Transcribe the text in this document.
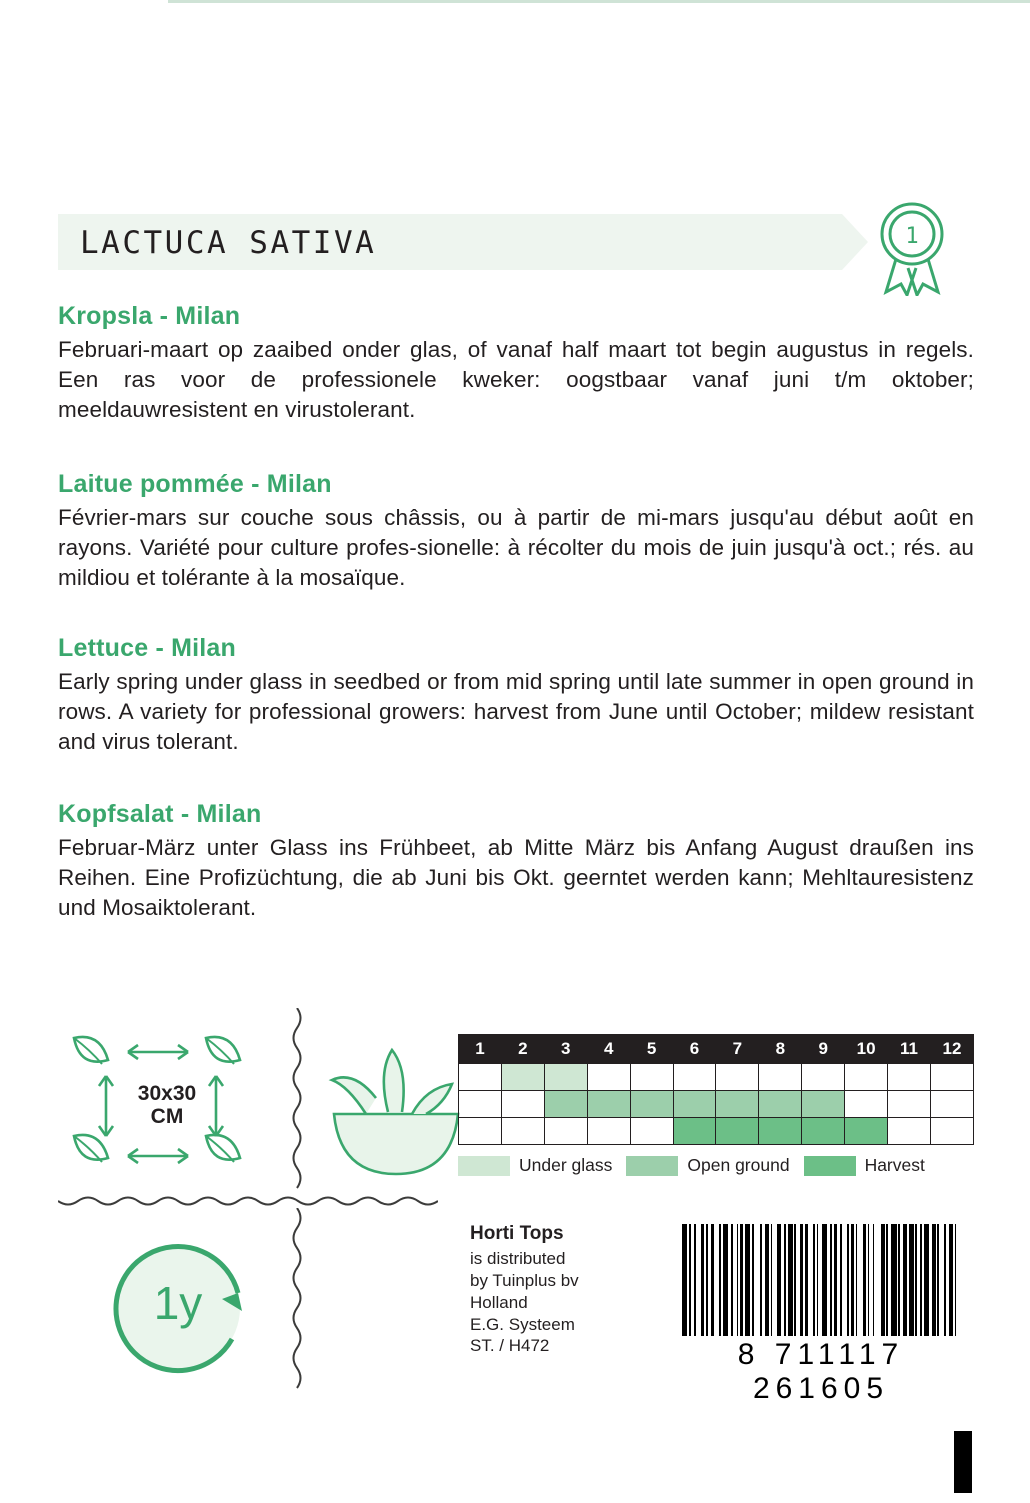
LACTUCA SATIVA	1
Kropsla - Milan

Februari-maart op zaaibed onder glas, of vanaf half maart tot begin augustus in regels. Een ras voor de professionele kweker: oogstbaar vanaf juni t/m oktober; meeldauwresistent en virustolerant.

Laitue pommée - Milan

Février-mars sur couche sous châssis, ou à partir de mi-mars jusqu'au début août en rayons. Variété pour culture profes-sionelle: à récolter du mois de juin jusqu'à oct.; rés. au mildiou et tolérante à la mosaïque.

Lettuce - Milan

Early spring under glass in seedbed or from mid spring until late summer in open ground in rows. A variety for professional growers: harvest from June until October; mildew resistant and virus tolerant.

Kopfsalat - Milan

Februar-März unter Glass ins Frühbeet, ab Mitte März bis Anfang August draußen ins Reihen. Eine Profizüchtung, die ab Juni bis Okt. geerntet werden kann; Mehltauresistenz und Mosaiktolerant.

30x30
CM
1y
1	2	3	4	5	6	7	8	9	10	11	12

Under glass	Open ground	Harvest
Horti Tops
is distributed
by Tuinplus bv
Holland
E.G. Systeem
ST. / H472	8 711117 261605
